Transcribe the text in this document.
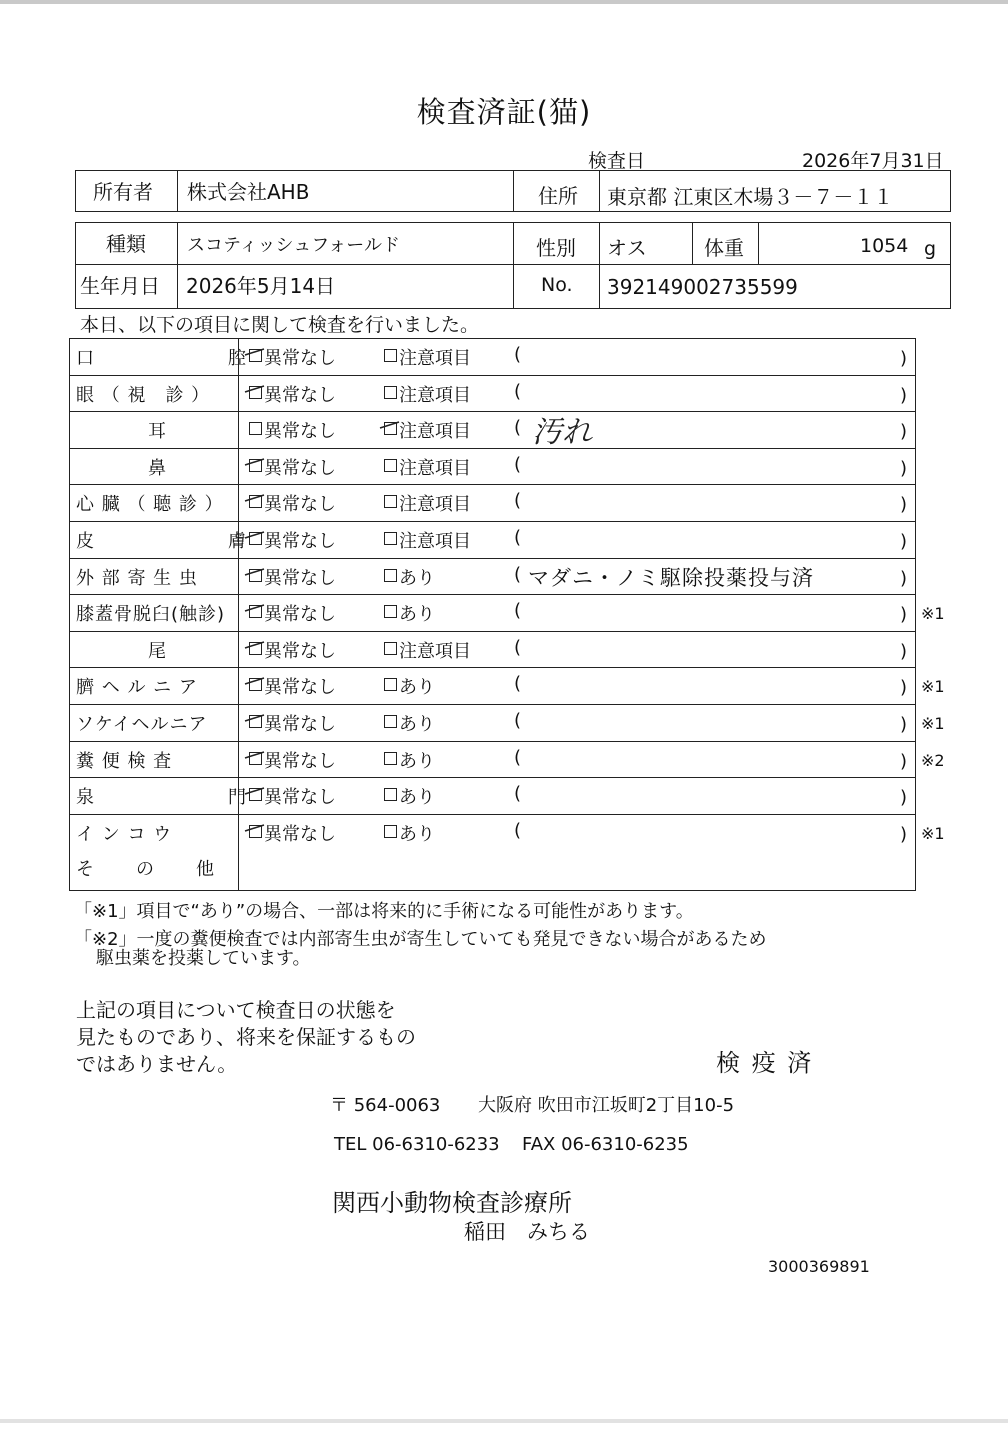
検査済証(猫)
検査日	2026年7月31日
所有者 株式会社AHB	住所 東京都 江東区木場３－７－１１
種類 スコティッシュフォールド	性別 オス	体重	1054 g
生年月日 2026年5月14日	No. 392149002735599
本日、以下の項目に関して検査を行いました。
口　　　　　　　腔 異常なし	注意項目 (	)
眼 （ 視　診 ）	異常なし	注意項目 (	)
耳	異常なし	注意項目 ( 汚れ	)
鼻	異常なし	注意項目 (	)
心 臓 （ 聴 診 ） 異常なし	注意項目 (	)
皮　　　　　　　膚 異常なし	注意項目 (	)
外 部 寄 生 虫	異常なし	あり	( マダニ・ノミ駆除投薬投与済	)
膝蓋骨脱臼(触診) 異常なし	あり	(	) ※1
尾	異常なし	注意項目 (	)
臍 ヘ ル ニ ア	異常なし	あり	(	) ※1
ソケイヘルニア	異常なし	あり	(	) ※1
糞 便 検 査	異常なし	あり	(	) ※2
泉　　　　　　　門 異常なし	あり	(	)
イ ン コ ウ	異常なし	あり	(	) ※1
そ　　の　　他
「※1」項目で“あり”の場合、一部は将来的に手術になる可能性があります。
「※2」一度の糞便検査では内部寄生虫が寄生していても発見できない場合があるため
駆虫薬を投薬しています。
上記の項目について検査日の状態を
見たものであり、将来を保証するもの
ではありません。	検 疫 済
〒 564-0063 大阪府 吹田市江坂町2丁目10-5
TEL 06-6310-6233 FAX 06-6310-6235
関西小動物検査診療所
稲田　みちる
3000369891
